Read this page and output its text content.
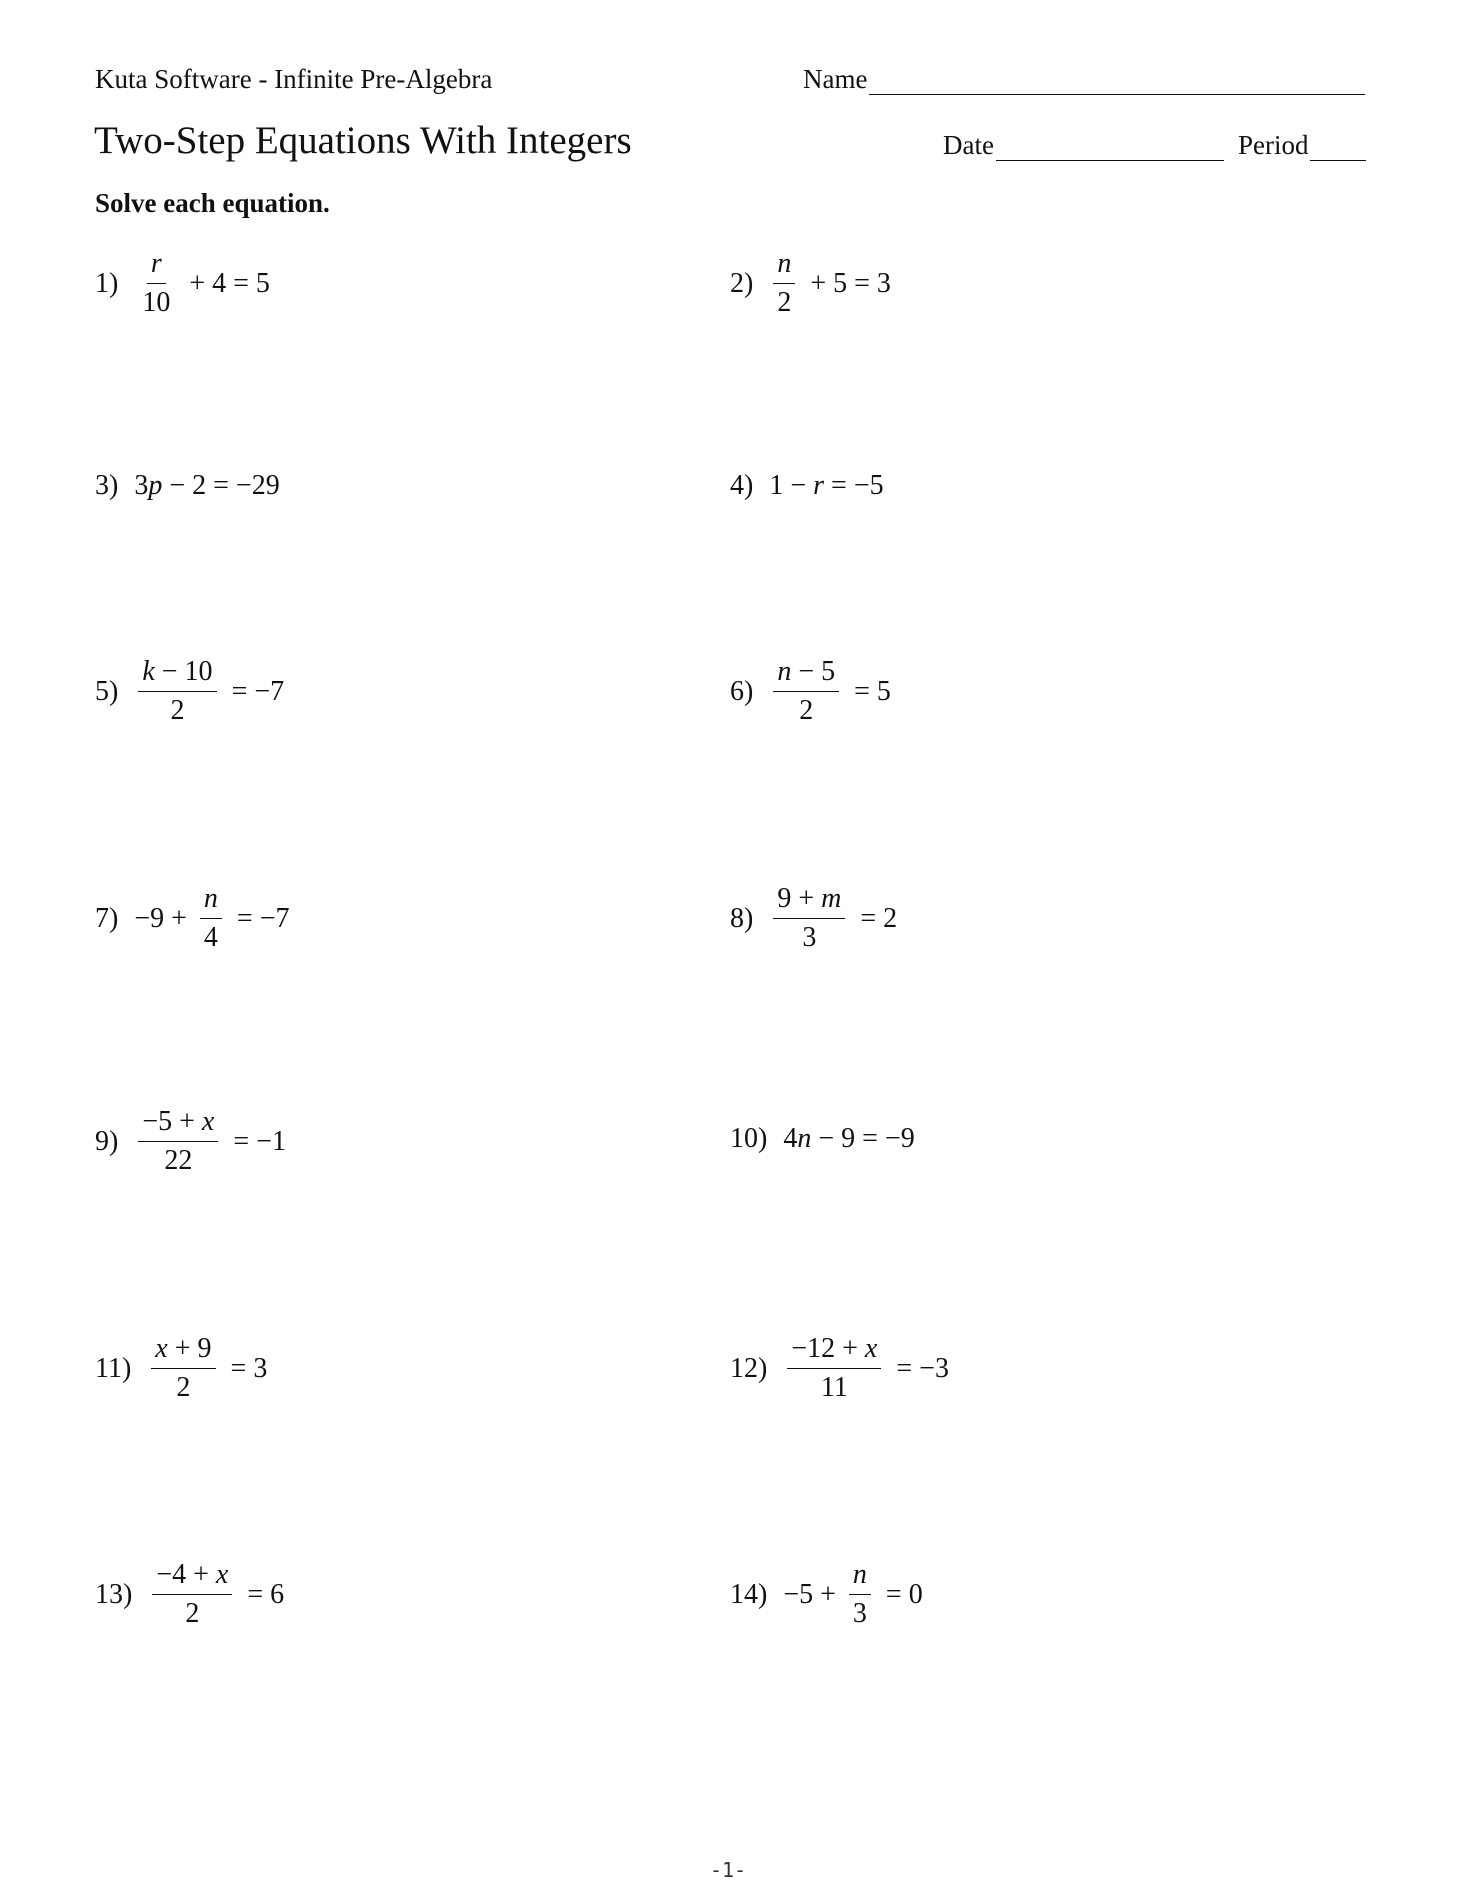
Kuta Software - Infinite Pre-Algebra	Name
Two-Step Equations With Integers	Date	Period
Solve each equation.
$1) \frac{r}{10} + 4 = 5$	$2) \frac{n}{2} + 5 = 3$
3) 3p − 2 = −29	4) 1 − r = −5
$5) \frac{k - 10}{2} = -7$	$6) \frac{n - 5}{2} = 5$
$7) -9 + \frac{n}{4} = -7$	$8) \frac{9 + m}{3} = 2$
$9) \frac{-5 + x}{22} = -1$	10) 4n − 9 = −9
$11) \frac{x + 9}{2} = 3$	$12) \frac{-12 + x}{11} = -3$
$13) \frac{-4 + x}{2} = 6$	$14) -5 + \frac{n}{3} = 0$
-1-
